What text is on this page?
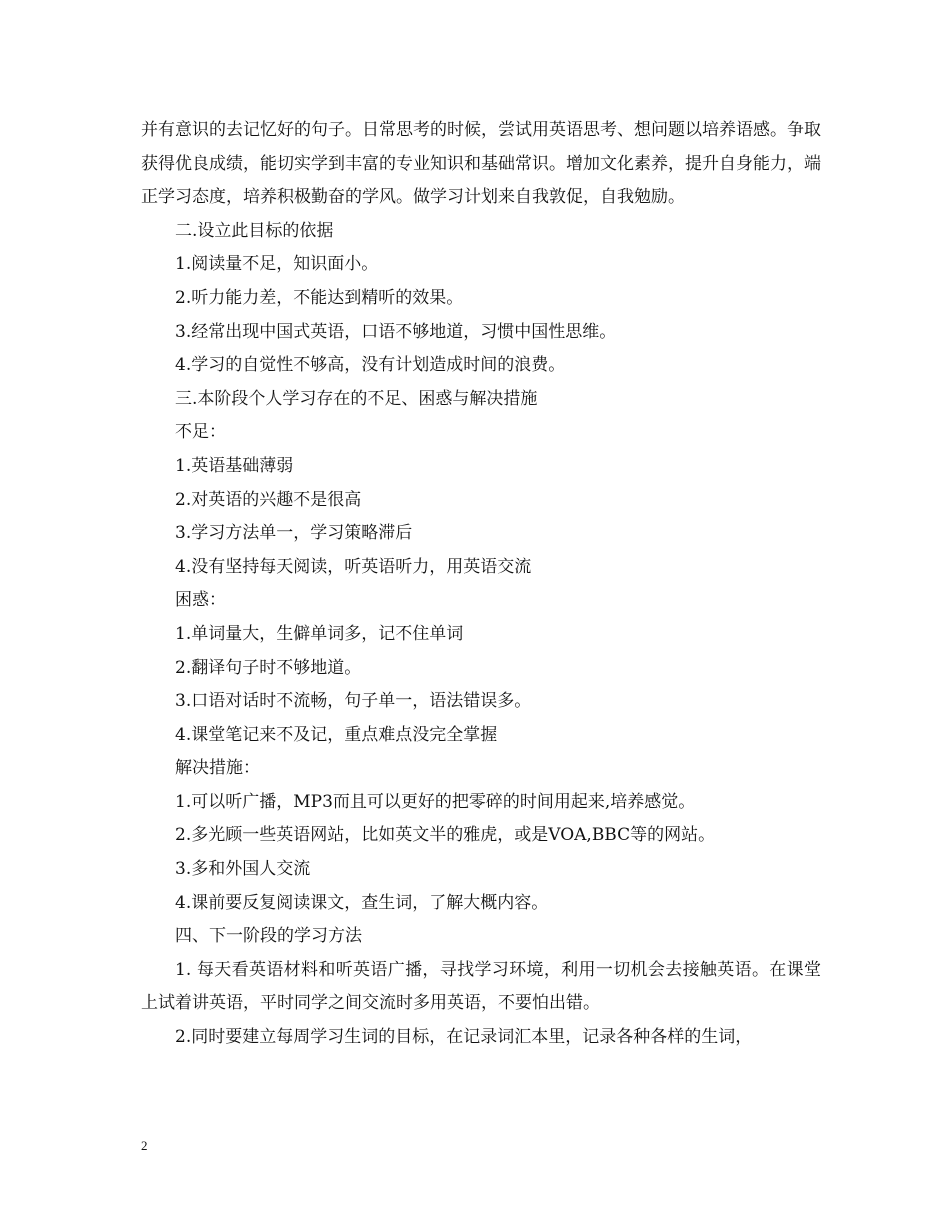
并有意识的去记忆好的句子。日常思考的时候，尝试用英语思考、想问题以培养语感。争取获得优良成绩，能切实学到丰富的专业知识和基础常识。增加文化素养，提升自身能力，端正学习态度，培养积极勤奋的学风。做学习计划来自我敦促，自我勉励。

二.设立此目标的依据

1.阅读量不足，知识面小。

2.听力能力差，不能达到精听的效果。

3.经常出现中国式英语，口语不够地道，习惯中国性思维。

4.学习的自觉性不够高，没有计划造成时间的浪费。

三.本阶段个人学习存在的不足、困惑与解决措施

不足：

1.英语基础薄弱

2.对英语的兴趣不是很高

3.学习方法单一，学习策略滞后

4.没有坚持每天阅读，听英语听力，用英语交流

困惑：

1.单词量大，生僻单词多，记不住单词

2.翻译句子时不够地道。

3.口语对话时不流畅，句子单一，语法错误多。

4.课堂笔记来不及记，重点难点没完全掌握

解决措施：

1.可以听广播，MP3而且可以更好的把零碎的时间用起来,培养感觉。

2.多光顾一些英语网站，比如英文半的雅虎，或是VOA,BBC等的网站。

3.多和外国人交流

4.课前要反复阅读课文，查生词，了解大概内容。

四、下一阶段的学习方法

1. 每天看英语材料和听英语广播，寻找学习环境，利用一切机会去接触英语。在课堂上试着讲英语，平时同学之间交流时多用英语，不要怕出错。

2.同时要建立每周学习生词的目标，在记录词汇本里，记录各种各样的生词，

2
